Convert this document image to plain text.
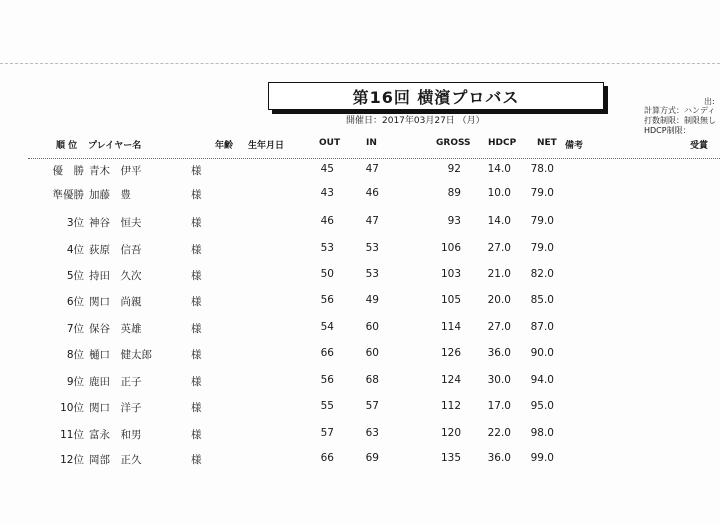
第16回 横濱プロバス
開催日：2017年03月27日 （月）
出:
計算方式：ハンディ
打数制限：制限無し
HDCP制限：
順 位 プレイヤー名	年齢 生年月日	OUT	IN	GROSS HDCP NET 備考	受賞
優　勝 青木　伊平	様	45	47	92	14.0	78.0
準優勝 加藤　豊	様	43	46	89	10.0	79.0
3位 神谷　恒夫	様	46	47	93	14.0	79.0
4位 荻原　信吾	様	53	53	106	27.0	79.0
5位 持田　久次	様	50	53	103	21.0	82.0
6位 関口　尚親	様	56	49	105	20.0	85.0
7位 保谷　英雄	様	54	60	114	27.0	87.0
8位 樋口　健太郎	様	66	60	126	36.0	90.0
9位 鹿田　正子	様	56	68	124	30.0	94.0
10位 関口　洋子	様	55	57	112	17.0	95.0
11位 富永　和男	様	57	63	120	22.0	98.0
12位 岡部　正久	様	66	69	135	36.0	99.0
